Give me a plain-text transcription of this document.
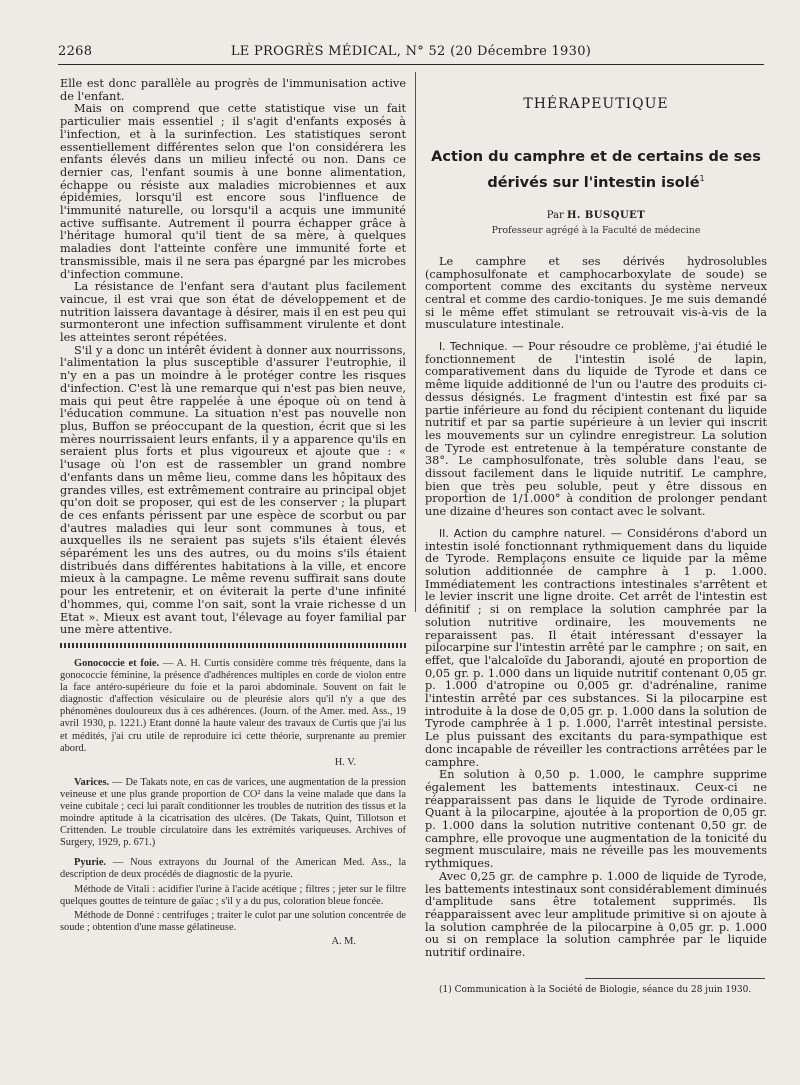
2268	LE PROGRÈS MÉDICAL, N° 52 (20 Décembre 1930)

Elle est donc parallèle au progrès de l'immunisation active de l'enfant.

Mais on comprend que cette statistique vise un fait particulier mais essentiel ; il s'agit d'enfants exposés à l'infection, et à la surinfection. Les statistiques seront essentiellement différentes selon que l'on considérera les enfants élevés dans un milieu infecté ou non. Dans ce dernier cas, l'enfant soumis à une bonne alimentation, échappe ou résiste aux maladies microbiennes et aux épidémies, lorsqu'il est encore sous l'influence de l'immunité naturelle, ou lorsqu'il a acquis une immunité active suffisante. Autrement il pourra échapper grâce à l'héritage humoral qu'il tient de sa mère, à quelques maladies dont l'atteinte confère une immunité forte et transmissible, mais il ne sera pas épargné par les microbes d'infection commune.

La résistance de l'enfant sera d'autant plus facilement vaincue, il est vrai que son état de développement et de nutrition laissera davantage à désirer, mais il en est peu qui surmonteront une infection suffisamment virulente et dont les atteintes seront répétées.

S'il y a donc un intérêt évident à donner aux nourrissons, l'alimentation la plus susceptible d'assurer l'eutrophie, il n'y en a pas un moindre à le protéger contre les risques d'infection. C'est là une remarque qui n'est pas bien neuve, mais qui peut être rappelée à une époque où on tend à l'éducation commune. La situation n'est pas nouvelle non plus, Buffon se préoccupant de la question, écrit que si les mères nourrissaient leurs enfants, il y a apparence qu'ils en seraient plus forts et plus vigoureux et ajoute que : « l'usage où l'on est de rassembler un grand nombre d'enfants dans un même lieu, comme dans les hôpitaux des grandes villes, est extrêmement contraire au principal objet qu'on doit se proposer, qui est de les conserver ; la plupart de ces enfants périssent par une espèce de scorbut ou par d'autres maladies qui leur sont communes à tous, et auxquelles ils ne seraient pas sujets s'ils étaient élevés séparément les uns des autres, ou du moins s'ils étaient distribués dans différentes habitations à la ville, et encore mieux à la campagne. Le même revenu suffirait sans doute pour les entretenir, et on éviterait la perte d'une infinité d'hommes, qui, comme l'on sait, sont la vraie richesse d un Etat ». Mieux est avant tout, l'élevage au foyer familial par une mère attentive.

Gonococcie et foie. — A. H. Curtis considère comme très fréquente, dans la gonococcie féminine, la présence d'adhérences multiples en corde de violon entre la face antéro-supérieure du foie et la paroi abdominale. Souvent on fait le diagnostic d'affection vésiculaire ou de pleurésie alors qu'il n'y a que des phénomènes douloureux dus à ces adhérences. (Journ. of the Amer. med. Ass., 19 avril 1930, p. 1221.) Etant donné la haute valeur des travaux de Curtis que j'ai lus et médités, j'ai cru utile de reproduire ici cette théorie, surprenante au premier abord.

H. V.

Varices. — De Takats note, en cas de varices, une augmentation de la pression veineuse et une plus grande proportion de CO² dans la veine malade que dans la veine cubitale ; ceci lui paraît conditionner les troubles de nutrition des tissus et la moindre aptitude à la cicatrisation des ulcères. (De Takats, Quint, Tillotson et Crittenden. Le trouble circulatoire dans les extrémités variqueuses. Archives of Surgery, 1929, p. 671.)

Pyurie. — Nous extrayons du Journal of the American Med. Ass., la description de deux procédés de diagnostic de la pyurie.

Méthode de Vitali : acidifier l'urine à l'acide acétique ; filtres ; jeter sur le filtre quelques gouttes de teinture de gaïac ; s'il y a du pus, coloration bleue foncée.

Méthode de Donné : centrifuges ; traiter le culot par une solution concentrée de soude ; obtention d'une masse gélatineuse.

A. M.
THÉRAPEUTIQUE
Action du camphre et de certains de ses dérivés sur l'intestin isolé$^1$
Par H. BUSQUET
Professeur agrégé à la Faculté de médecine

Le camphre et ses dérivés hydrosolubles (camphosulfonate et camphocarboxylate de soude) se comportent comme des excitants du système nerveux central et comme des cardio-toniques. Je me suis demandé si le même effet stimulant se retrouvait vis-à-vis de la musculature intestinale.

I. Technique. — Pour résoudre ce problème, j'ai étudié le fonctionnement de l'intestin isolé de lapin, comparativement dans du liquide de Tyrode et dans ce même liquide additionné de l'un ou l'autre des produits ci-dessus désignés. Le fragment d'intestin est fixé par sa partie inférieure au fond du récipient contenant du liquide nutritif et par sa partie supérieure à un levier qui inscrit les mouvements sur un cylindre enregistreur. La solution de Tyrode est entretenue à la température constante de 38°. Le camphosulfonate, très soluble dans l'eau, se dissout facilement dans le liquide nutritif. Le camphre, bien que très peu soluble, peut y être dissous en proportion de 1/1.000° à condition de prolonger pendant une dizaine d'heures son contact avec le solvant.

II. Action du camphre naturel. — Considérons d'abord un intestin isolé fonctionnant rythmiquement dans du liquide de Tyrode. Remplaçons ensuite ce liquide par la même solution additionnée de camphre à 1 p. 1.000. Immédiatement les contractions intestinales s'arrêtent et le levier inscrit une ligne droite. Cet arrêt de l'intestin est définitif ; si on remplace la solution camphrée par la solution nutritive ordinaire, les mouvements ne reparaissent pas. Il était intéressant d'essayer la pilocarpine sur l'intestin arrêté par le camphre ; on sait, en effet, que l'alcaloïde du Jaborandi, ajouté en proportion de 0,05 gr. p. 1.000 dans un liquide nutritif contenant 0,05 gr. p. 1.000 d'atropine ou 0,005 gr. d'adrénaline, ranime l'intestin arrêté par ces substances. Si la pilocarpine est introduite à la dose de 0,05 gr. p. 1.000 dans la solution de Tyrode camphrée à 1 p. 1.000, l'arrêt intestinal persiste. Le plus puissant des excitants du para-sympathique est donc incapable de réveiller les contractions arrêtées par le camphre.

En solution à 0,50 p. 1.000, le camphre supprime également les battements intestinaux. Ceux-ci ne réapparaissent pas dans le liquide de Tyrode ordinaire. Quant à la pilocarpine, ajoutée à la proportion de 0,05 gr. p. 1.000 dans la solution nutritive contenant 0,50 gr. de camphre, elle provoque une augmentation de la tonicité du segment musculaire, mais ne réveille pas les mouvements rythmiques.

Avec 0,25 gr. de camphre p. 1.000 de liquide de Tyrode, les battements intestinaux sont considérablement diminués d'amplitude sans être totalement supprimés. Ils réapparaissent avec leur amplitude primitive si on ajoute à la solution camphrée de la pilocarpine à 0,05 gr. p. 1.000 ou si on remplace la solution camphrée par le liquide nutritif ordinaire.

(1) Communication à la Société de Biologie, séance du 28 juin 1930.
